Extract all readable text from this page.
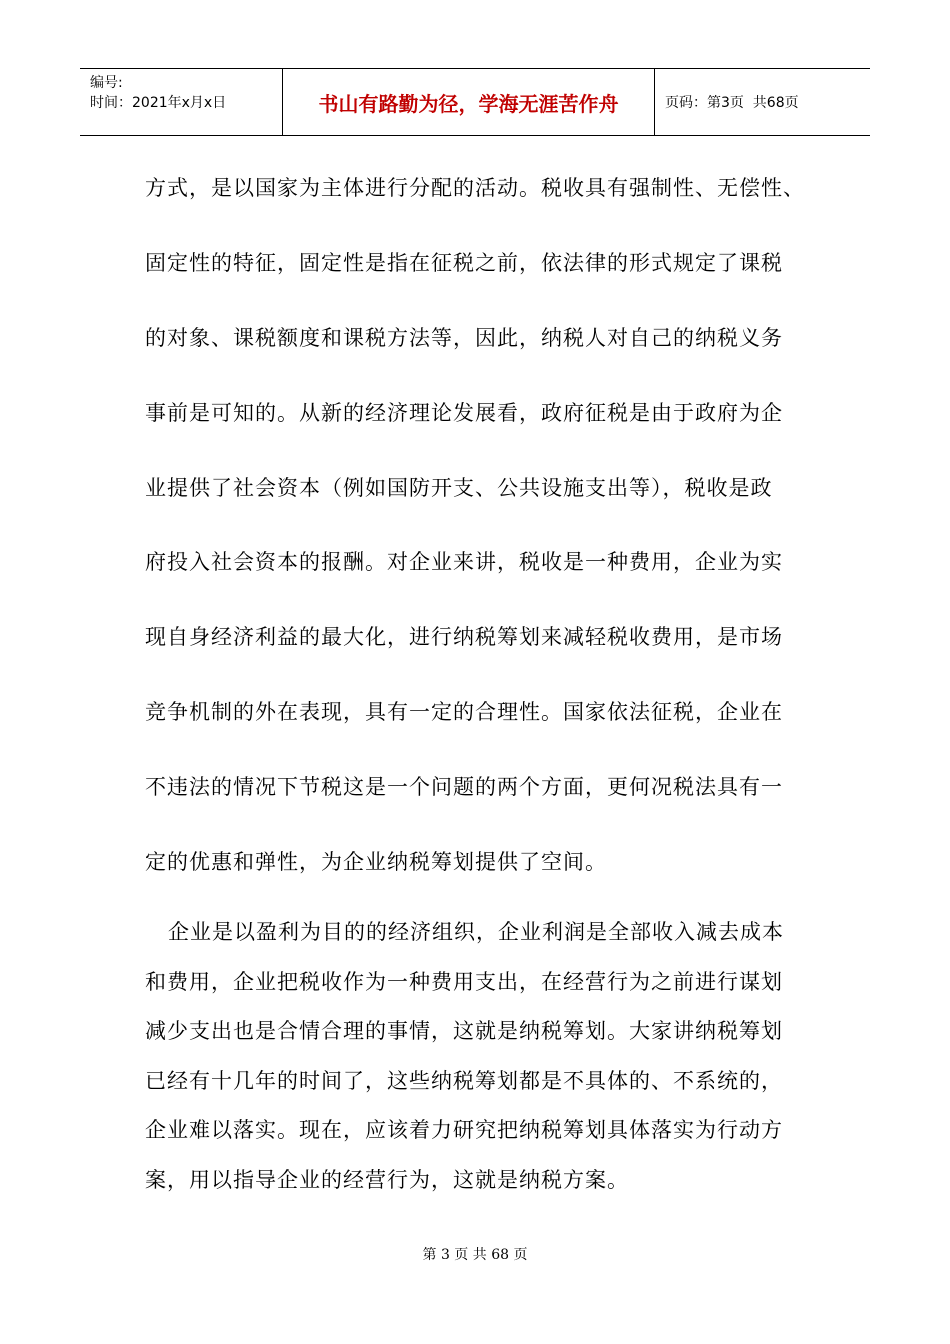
编号:
时间：2021年x月x日	书山有路勤为径，学海无涯苦作舟	页码：第3页  共68页
方式，是以国家为主体进行分配的活动。税收具有强制性、无偿性、
固定性的特征，固定性是指在征税之前，依法律的形式规定了课税
的对象、课税额度和课税方法等，因此，纳税人对自己的纳税义务
事前是可知的。从新的经济理论发展看，政府征税是由于政府为企
业提供了社会资本（例如国防开支、公共设施支出等），税收是政
府投入社会资本的报酬。对企业来讲，税收是一种费用，企业为实
现自身经济利益的最大化，进行纳税筹划来减轻税收费用，是市场
竞争机制的外在表现，具有一定的合理性。国家依法征税，企业在
不违法的情况下节税这是一个问题的两个方面，更何况税法具有一
定的优惠和弹性，为企业纳税筹划提供了空间。
企业是以盈利为目的的经济组织，企业利润是全部收入减去成本
和费用，企业把税收作为一种费用支出，在经营行为之前进行谋划
减少支出也是合情合理的事情，这就是纳税筹划。大家讲纳税筹划
已经有十几年的时间了，这些纳税筹划都是不具体的、不系统的，
企业难以落实。现在，应该着力研究把纳税筹划具体落实为行动方
案，用以指导企业的经营行为，这就是纳税方案。
第 3 页 共 68 页
